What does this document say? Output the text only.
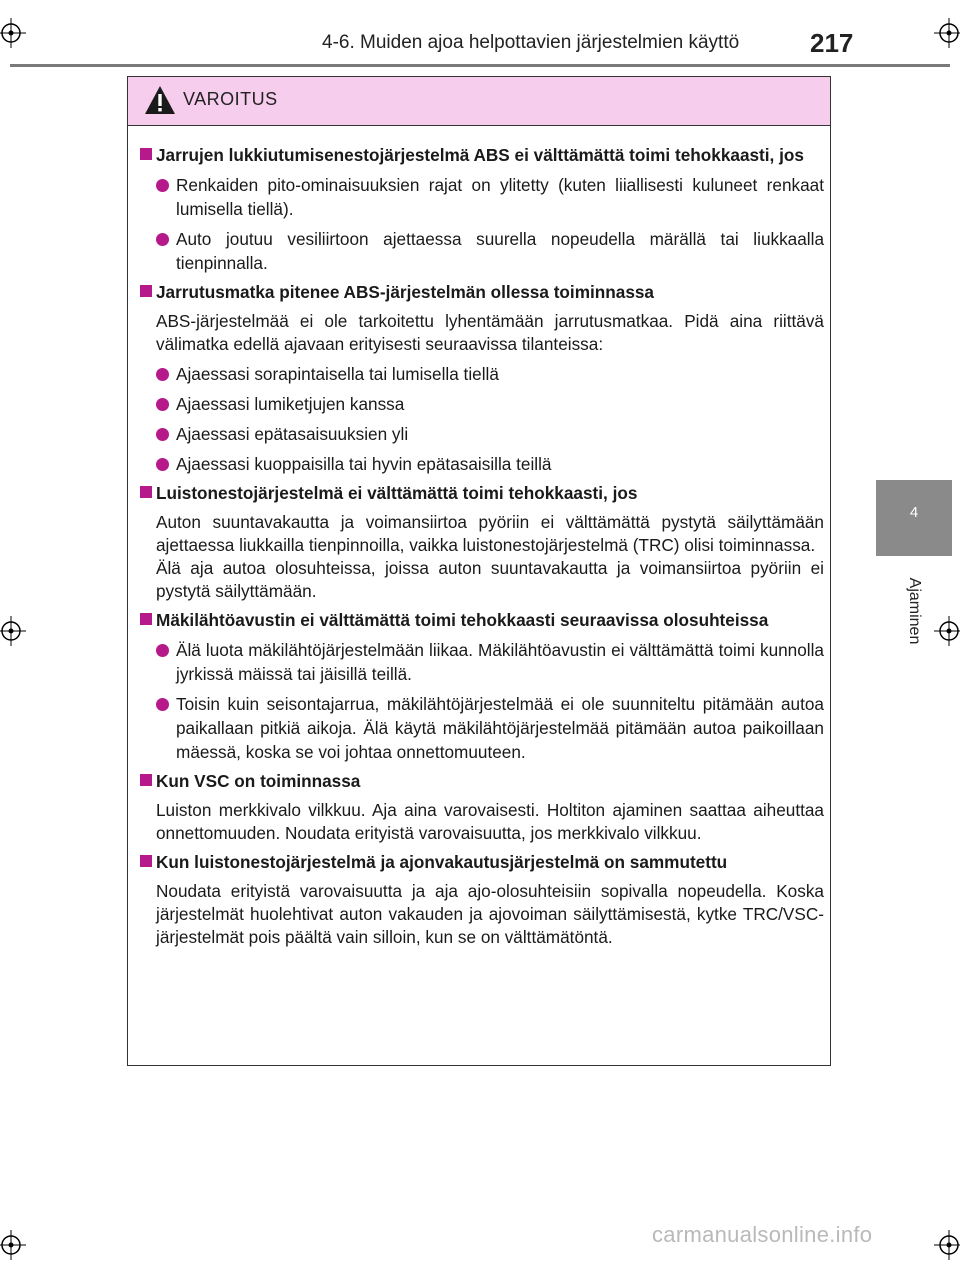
4-6. Muiden ajoa helpottavien järjestelmien käyttö	217
4
Ajaminen
VAROITUS
Jarrujen lukkiutumisenestojärjestelmä ABS ei välttämättä toimi tehokkaasti, jos
Renkaiden pito-ominaisuuksien rajat on ylitetty (kuten liiallisesti kuluneet renkaat lumisella tiellä).
Auto joutuu vesiliirtoon ajettaessa suurella nopeudella märällä tai liukkaalla tienpinnalla.
Jarrutusmatka pitenee ABS-järjestelmän ollessa toiminnassa
ABS-järjestelmää ei ole tarkoitettu lyhentämään jarrutusmatkaa. Pidä aina riittävä välimatka edellä ajavaan erityisesti seuraavissa tilanteissa:
Ajaessasi sorapintaisella tai lumisella tiellä
Ajaessasi lumiketjujen kanssa
Ajaessasi epätasaisuuksien yli
Ajaessasi kuoppaisilla tai hyvin epätasaisilla teillä
Luistonestojärjestelmä ei välttämättä toimi tehokkaasti, jos
Auton suuntavakautta ja voimansiirtoa pyöriin ei välttämättä pystytä säilyttämään ajettaessa liukkailla tienpinnoilla, vaikka luistonestojärjestelmä (TRC) olisi toiminnassa.
Älä aja autoa olosuhteissa, joissa auton suuntavakautta ja voimansiirtoa pyöriin ei pystytä säilyttämään.
Mäkilähtöavustin ei välttämättä toimi tehokkaasti seuraavissa olosuhteissa
Älä luota mäkilähtöjärjestelmään liikaa. Mäkilähtöavustin ei välttämättä toimi kunnolla jyrkissä mäissä tai jäisillä teillä.
Toisin kuin seisontajarrua, mäkilähtöjärjestelmää ei ole suunniteltu pitämään autoa paikallaan pitkiä aikoja. Älä käytä mäkilähtöjärjestelmää pitämään autoa paikoillaan mäessä, koska se voi johtaa onnettomuuteen.
Kun VSC on toiminnassa
Luiston merkkivalo vilkkuu. Aja aina varovaisesti. Holtiton ajaminen saattaa aiheuttaa onnettomuuden. Noudata erityistä varovaisuutta, jos merkkivalo vilkkuu.
Kun luistonestojärjestelmä ja ajonvakautusjärjestelmä on sammutettu
Noudata erityistä varovaisuutta ja aja ajo-olosuhteisiin sopivalla nopeudella. Koska järjestelmät huolehtivat auton vakauden ja ajovoiman säilyttämisestä, kytke TRC/VSC-järjestelmät pois päältä vain silloin, kun se on välttämätöntä.
carmanualsonline.info
